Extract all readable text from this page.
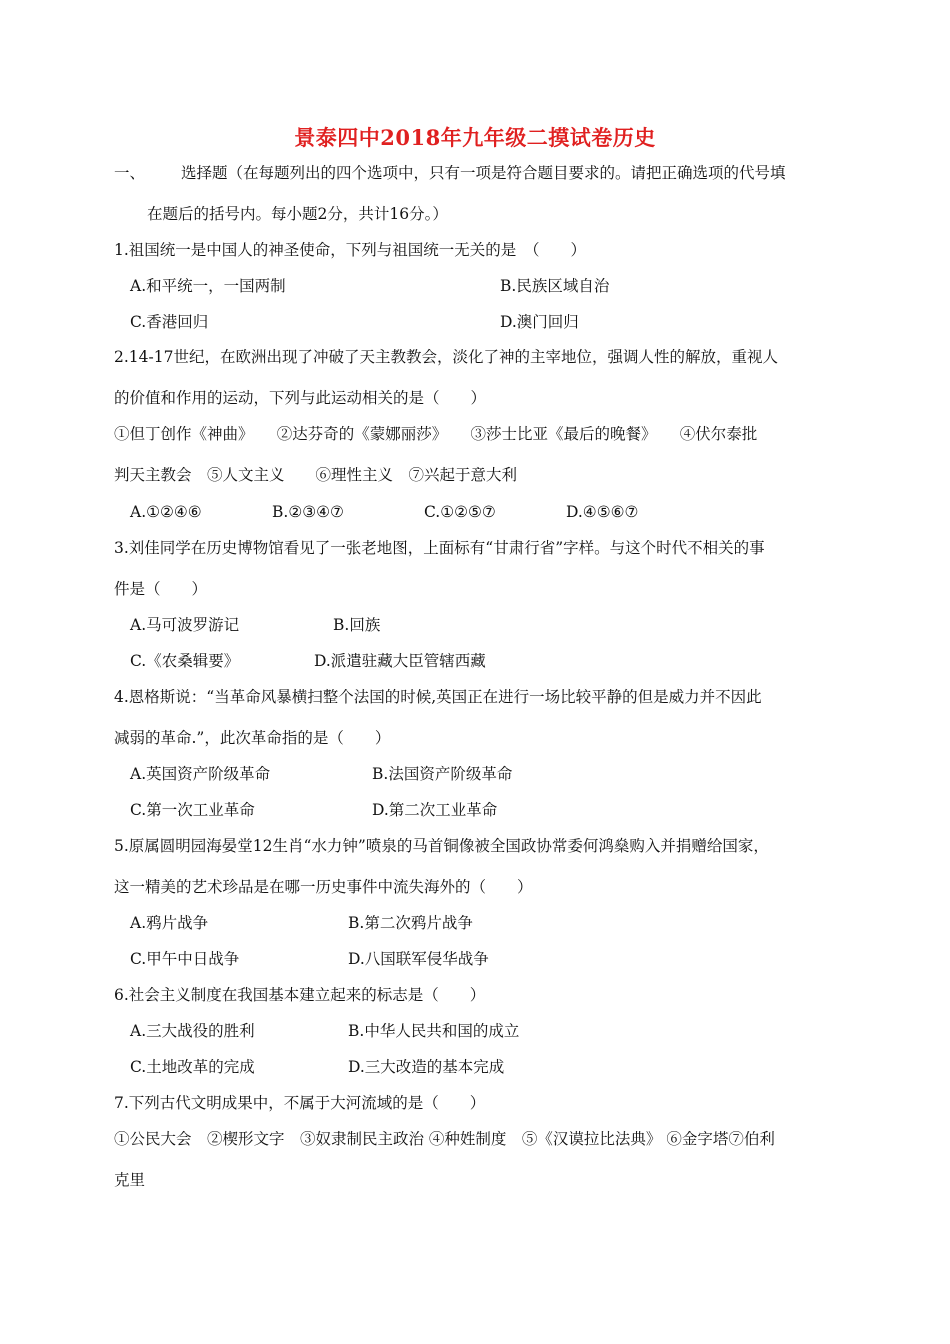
景泰四中2018年九年级二摸试卷历史
一、 选择题（在每题列出的四个选项中，只有一项是符合题目要求的。请把正确选项的代号填
在题后的括号内。每小题2分，共计16分。）
1.祖国统一是中国人的神圣使命，下列与祖国统一无关的是　（　　）
A.和平统一，一国两制	B.民族区域自治
C.香港回归	D.澳门回归
2.14-17世纪，在欧洲出现了冲破了天主教教会，淡化了神的主宰地位，强调人性的解放，重视人
的价值和作用的运动，下列与此运动相关的是（　　）
①但丁创作《神曲》　　②达芬奇的《蒙娜丽莎》　　③莎士比亚《最后的晚餐》　　④伏尔泰批
判天主教会　⑤人文主义　　⑥理性主义　⑦兴起于意大利
A.①②④⑥	B.②③④⑦	C.①②⑤⑦	D.④⑤⑥⑦
3.刘佳同学在历史博物馆看见了一张老地图，上面标有“甘肃行省”字样。与这个时代不相关的事
件是（　　）
A.马可波罗游记	B.回族
C.《农桑辑要》	D.派遣驻藏大臣管辖西藏
4.恩格斯说：“当革命风暴横扫整个法国的时候,英国正在进行一场比较平静的但是威力并不因此
减弱的革命.”，此次革命指的是（　　）
A.英国资产阶级革命	B.法国资产阶级革命
C.第一次工业革命	D.第二次工业革命
5.原属圆明园海晏堂12生肖“水力钟”喷泉的马首铜像被全国政协常委何鸿燊购入并捐赠给国家，
这一精美的艺术珍品是在哪一历史事件中流失海外的（　　）
A.鸦片战争	B.第二次鸦片战争
C.甲午中日战争	D.八国联军侵华战争
6.社会主义制度在我国基本建立起来的标志是（　　）
A.三大战役的胜利	B.中华人民共和国的成立
C.土地改革的完成	D.三大改造的基本完成
7.下列古代文明成果中，不属于大河流域的是（　　）
①公民大会　②楔形文字　③奴隶制民主政治 ④种姓制度　⑤《汉谟拉比法典》 ⑥金字塔⑦伯利
克里
